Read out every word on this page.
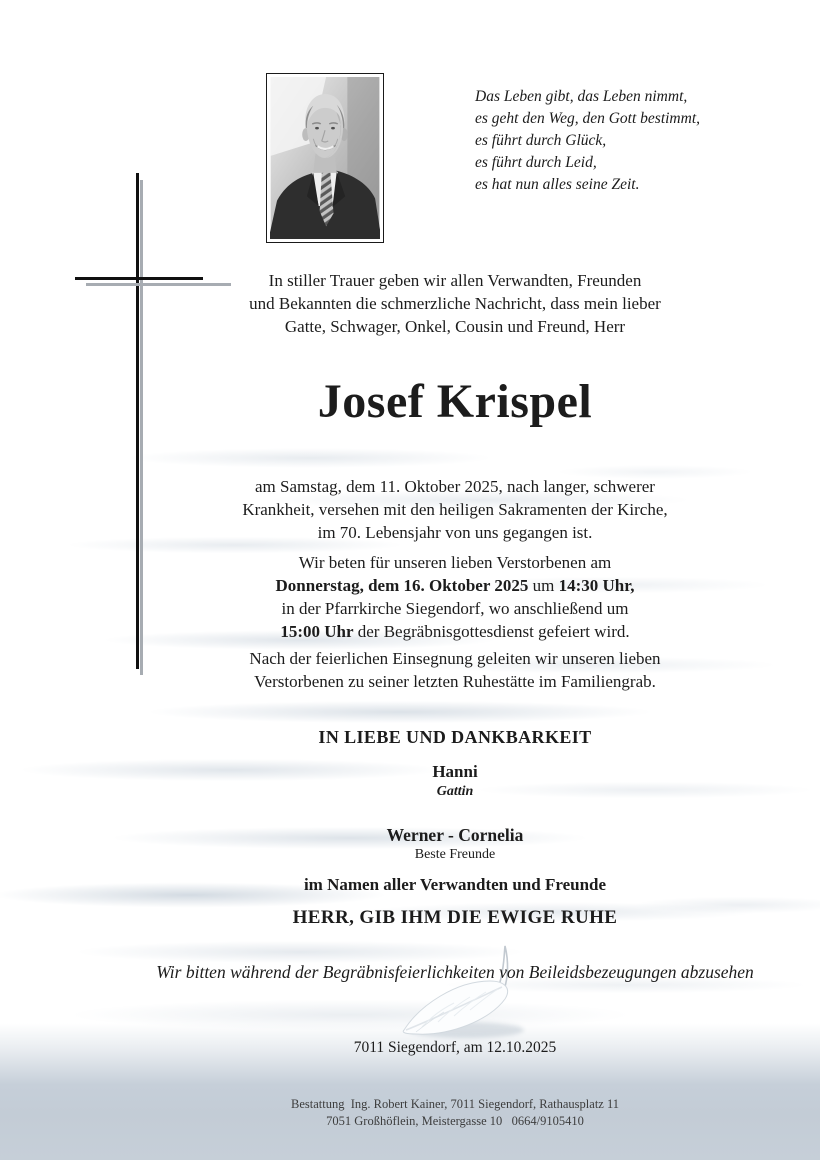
Das Leben gibt, das Leben nimmt,
es geht den Weg, den Gott bestimmt,
es führt durch Glück,
es führt durch Leid,
es hat nun alles seine Zeit.
In stiller Trauer geben wir allen Verwandten, Freunden
und Bekannten die schmerzliche Nachricht, dass mein lieber
Gatte, Schwager, Onkel, Cousin und Freund, Herr
Josef Krispel
am Samstag, dem 11. Oktober 2025, nach langer, schwerer
Krankheit, versehen mit den heiligen Sakramenten der Kirche,
im 70. Lebensjahr von uns gegangen ist.
Wir beten für unseren lieben Verstorbenen am
Donnerstag, dem 16. Oktober 2025 um 14:30 Uhr,
in der Pfarrkirche Siegendorf, wo anschließend um
15:00 Uhr der Begräbnisgottesdienst gefeiert wird.
Nach der feierlichen Einsegnung geleiten wir unseren lieben
Verstorbenen zu seiner letzten Ruhestätte im Familiengrab.
IN LIEBE UND DANKBARKEIT
Hanni
Gattin
Werner - Cornelia
Beste Freunde
im Namen aller Verwandten und Freunde
HERR, GIB IHM DIE EWIGE RUHE
Wir bitten während der Begräbnisfeierlichkeiten von Beileidsbezeugungen abzusehen
7011 Siegendorf, am 12.10.2025
Bestattung  Ing. Robert Kainer, 7011 Siegendorf, Rathausplatz 11
7051 Großhöflein, Meistergasse 10   0664/9105410
